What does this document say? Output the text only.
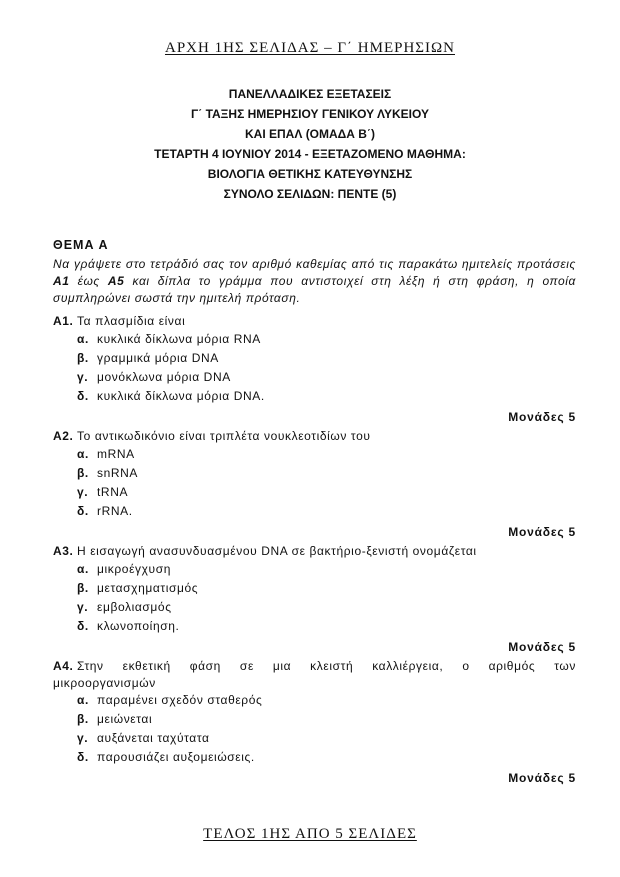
ΑΡΧΗ 1ΗΣ ΣΕΛΙΔΑΣ – Γ΄ ΗΜΕΡΗΣΙΩΝ
ΠΑΝΕΛΛΑΔΙΚΕΣ ΕΞΕΤΑΣΕΙΣ
Γ΄ ΤΑΞΗΣ ΗΜΕΡΗΣΙΟΥ ΓΕΝΙΚΟΥ ΛΥΚΕΙΟΥ
ΚΑΙ ΕΠΑΛ (ΟΜΑΔΑ Β΄)
ΤΕΤΑΡΤΗ 4 ΙΟΥΝΙΟΥ 2014 - ΕΞΕΤΑΖΟΜΕΝΟ ΜΑΘΗΜΑ:
ΒΙΟΛΟΓΙΑ ΘΕΤΙΚΗΣ ΚΑΤΕΥΘΥΝΣΗΣ
ΣΥΝΟΛΟ ΣΕΛΙΔΩΝ: ΠΕΝΤΕ (5)
ΘΕΜΑ Α
Να γράψετε στο τετράδιό σας τον αριθμό καθεμίας από τις παρακάτω ημιτελείς προτάσεις Α1 έως Α5 και δίπλα το γράμμα που αντιστοιχεί στη λέξη ή στη φράση, η οποία συμπληρώνει σωστά την ημιτελή πρόταση.
Α1. Τα πλασμίδια είναι
α. κυκλικά δίκλωνα μόρια RNA
β. γραμμικά μόρια DNA
γ. μονόκλωνα μόρια DNA
δ. κυκλικά δίκλωνα μόρια DNA.
Μονάδες 5
Α2. Το αντικωδικόνιο είναι τριπλέτα νουκλεοτιδίων του
α. mRNA
β. snRNA
γ. tRNA
δ. rRNA.
Μονάδες 5
Α3. Η εισαγωγή ανασυνδυασμένου DNA σε βακτήριο-ξενιστή ονομάζεται
α. μικροέγχυση
β. μετασχηματισμός
γ. εμβολιασμός
δ. κλωνοποίηση.
Μονάδες 5
Α4. Στην εκθετική φάση σε μια κλειστή καλλιέργεια, ο αριθμός των
μικροοργανισμών
α. παραμένει σχεδόν σταθερός
β. μειώνεται
γ. αυξάνεται ταχύτατα
δ. παρουσιάζει αυξομειώσεις.
Μονάδες 5
ΤΕΛΟΣ 1ΗΣ ΑΠΟ 5 ΣΕΛΙΔΕΣ
